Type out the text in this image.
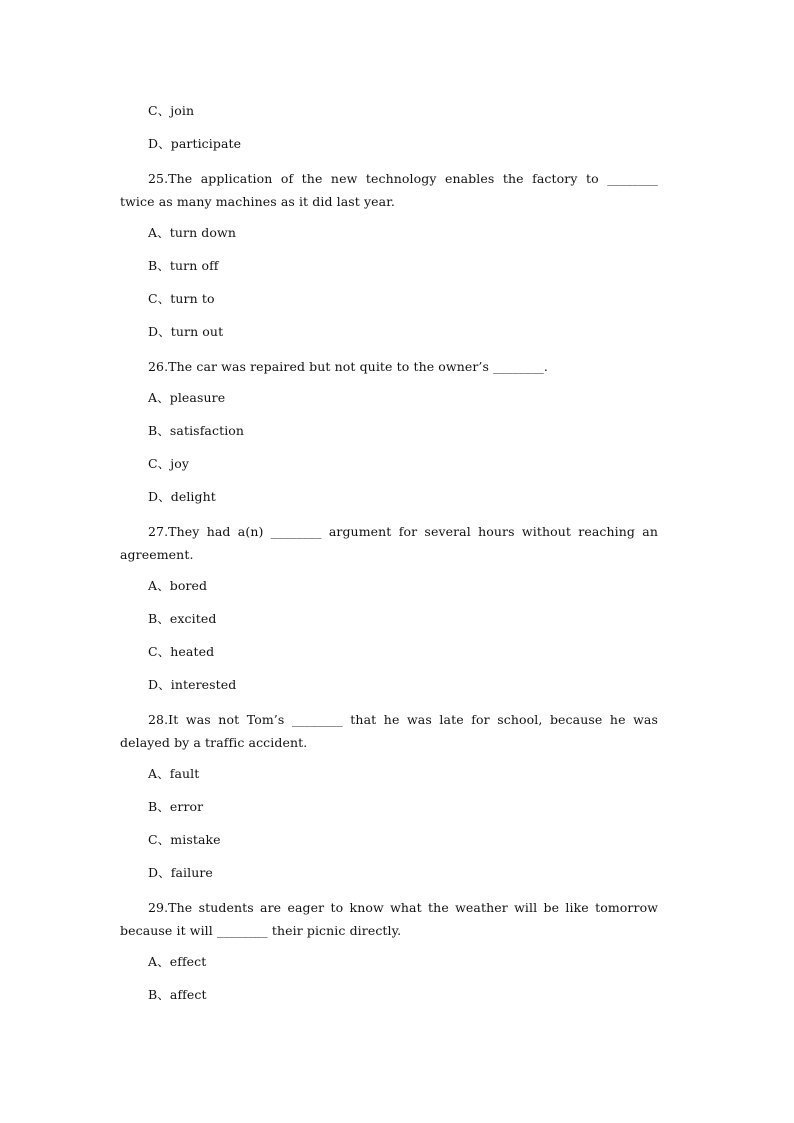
C、join
D、participate
25.The application of the new technology enables the factory to ________
twice as many machines as it did last year.
A、turn down
B、turn off
C、turn to
D、turn out
26.The car was repaired but not quite to the owner’s ________.
A、pleasure
B、satisfaction
C、joy
D、delight
27.They had a(n) ________ argument for several hours without reaching an
agreement.
A、bored
B、excited
C、heated
D、interested
28.It was not Tom’s ________ that he was late for school, because he was
delayed by a traffic accident.
A、fault
B、error
C、mistake
D、failure
29.The students are eager to know what the weather will be like tomorrow
because it will ________ their picnic directly.
A、effect
B、affect
